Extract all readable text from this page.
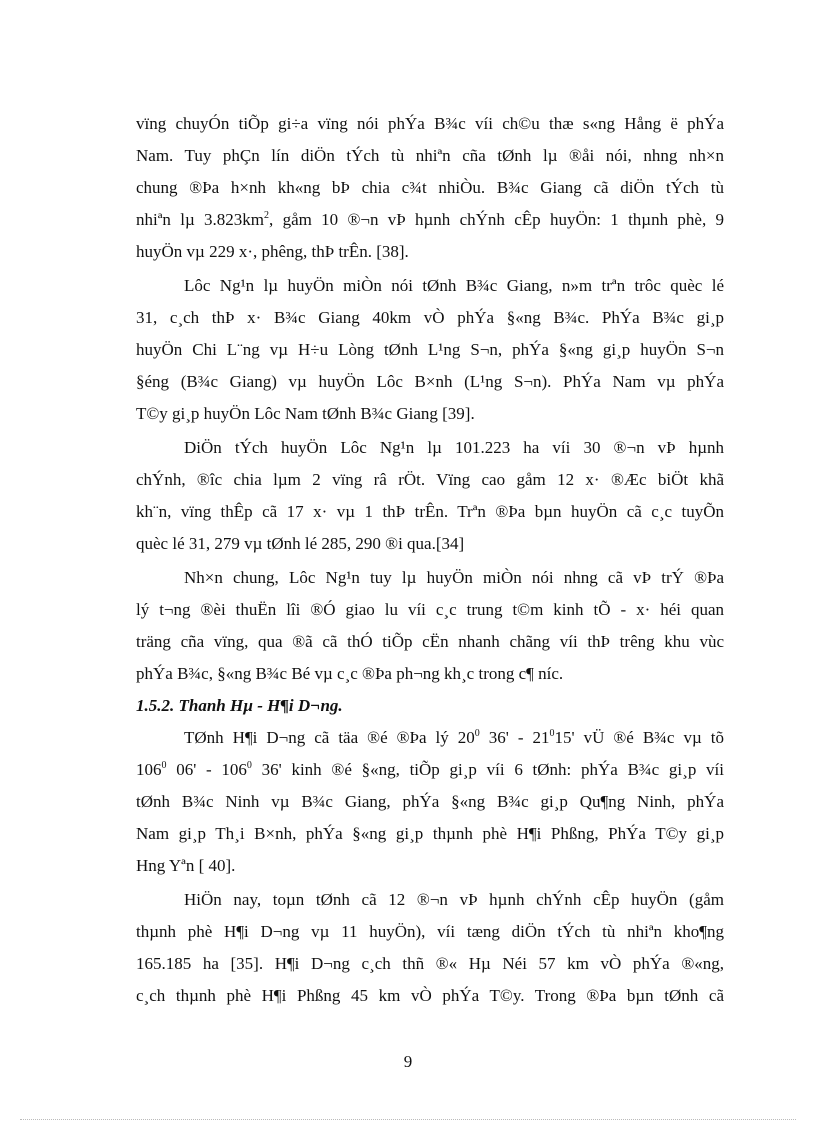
vïng chuyÓn tiÕp gi÷a vïng nói phÝa B¾c víi ch©u thæ s«ng Hång ë phÝa
Nam. Tuy phÇn lín diÖn tÝch tù nhiªn cña tØnh lµ ®åi nói, nhng nh×n
chung ®Þa h×nh kh«ng bÞ chia c¾t nhiÒu. B¾c Giang cã diÖn tÝch tù
nhiªn lµ $3.823km^2$, gåm 10 ®¬n vÞ hµnh chÝnh cÊp huyÖn: 1 thµnh phè, 9
huyÖn vµ 229 x·, phêng, thÞ trÊn. [38].
Lôc Ng¹n lµ huyÖn miÒn nói tØnh B¾c Giang, n»m trªn trôc quèc lé
31, c¸ch thÞ x· B¾c Giang 40km vÒ phÝa §«ng B¾c. PhÝa B¾c gi¸p
huyÖn Chi L¨ng vµ H÷u Lòng tØnh L¹ng S¬n, phÝa §«ng gi¸p huyÖn S¬n
§éng (B¾c Giang) vµ huyÖn Lôc B×nh (L¹ng S¬n). PhÝa Nam vµ phÝa
T©y gi¸p huyÖn Lôc Nam tØnh B¾c Giang [39].
DiÖn tÝch huyÖn Lôc Ng¹n lµ 101.223 ha víi 30 ®¬n vÞ hµnh
chÝnh, ®îc chia lµm 2 vïng râ rÖt. Vïng cao gåm 12 x· ®Æc biÖt khã
kh¨n, vïng thÊp cã 17 x· vµ 1 thÞ trÊn. Trªn ®Þa bµn huyÖn cã c¸c tuyÕn
quèc lé 31, 279 vµ tØnh lé 285, 290 ®i qua.[34]
Nh×n chung, Lôc Ng¹n tuy lµ huyÖn miÒn nói nhng cã vÞ trÝ ®Þa
lý t¬ng ®èi thuËn lîi ®Ó giao lu víi c¸c trung t©m kinh tÕ - x· héi quan
träng cña vïng, qua ®ã cã thÓ tiÕp cËn nhanh chãng víi thÞ trêng khu vùc
phÝa B¾c, §«ng B¾c Bé vµ c¸c ®Þa ph¬ng kh¸c trong c¶ níc.
1.5.2. Thanh Hµ - H¶i D¬ng.
TØnh H¶i D¬ng cã täa ®é ®Þa lý $20^0$ $36' - 21^015'$ vÜ ®é B¾c vµ tõ
$106^0$ $06' - 106^0$ 36' kinh ®é §«ng, tiÕp gi¸p víi 6 tØnh: phÝa B¾c gi¸p víi
tØnh B¾c Ninh vµ B¾c Giang, phÝa §«ng B¾c gi¸p Qu¶ng Ninh, phÝa
Nam gi¸p Th¸i B×nh, phÝa §«ng gi¸p thµnh phè H¶i Phßng, PhÝa T©y gi¸p
Hng Yªn [ 40].
HiÖn nay, toµn tØnh cã 12 ®¬n vÞ hµnh chÝnh cÊp huyÖn (gåm
thµnh phè H¶i D¬ng vµ 11 huyÖn), víi tæng diÖn tÝch tù nhiªn kho¶ng
165.185 ha [35]. H¶i D¬ng c¸ch thñ ®« Hµ Néi 57 km vÒ phÝa ®«ng,
c¸ch thµnh phè H¶i Phßng 45 km vÒ phÝa T©y. Trong ®Þa bµn tØnh cã
9
